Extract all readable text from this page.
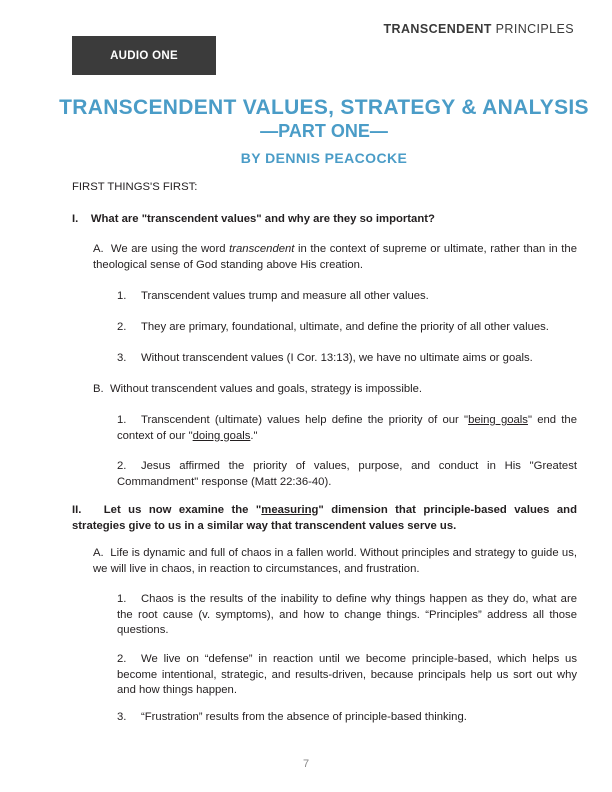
TRANSCENDENT PRINCIPLES
AUDIO ONE
TRANSCENDENT VALUES, STRATEGY & ANALYSIS
—PART ONE—
BY DENNIS PEACOCKE
FIRST THINGS'S FIRST:
I. What are "transcendent values" and why are they so important?
A. We are using the word transcendent in the context of supreme or ultimate, rather than in the theological sense of God standing above His creation.
1. Transcendent values trump and measure all other values.
2. They are primary, foundational, ultimate, and define the priority of all other values.
3. Without transcendent values (I Cor. 13:13), we have no ultimate aims or goals.
B. Without transcendent values and goals, strategy is impossible.
1. Transcendent (ultimate) values help define the priority of our "being goals" end the context of our "doing goals."
2. Jesus affirmed the priority of values, purpose, and conduct in His "Greatest Commandment" response (Matt 22:36-40).
II. Let us now examine the "measuring" dimension that principle-based values and strategies give to us in a similar way that transcendent values serve us.
A. Life is dynamic and full of chaos in a fallen world. Without principles and strategy to guide us, we will live in chaos, in reaction to circumstances, and frustration.
1. Chaos is the results of the inability to define why things happen as they do, what are the root cause (v. symptoms), and how to change things. “Principles” address all those questions.
2. We live on “defense” in reaction until we become principle-based, which helps us become intentional, strategic, and results-driven, because principals help us sort out why and how things happen.
3. “Frustration” results from the absence of principle-based thinking.
7
